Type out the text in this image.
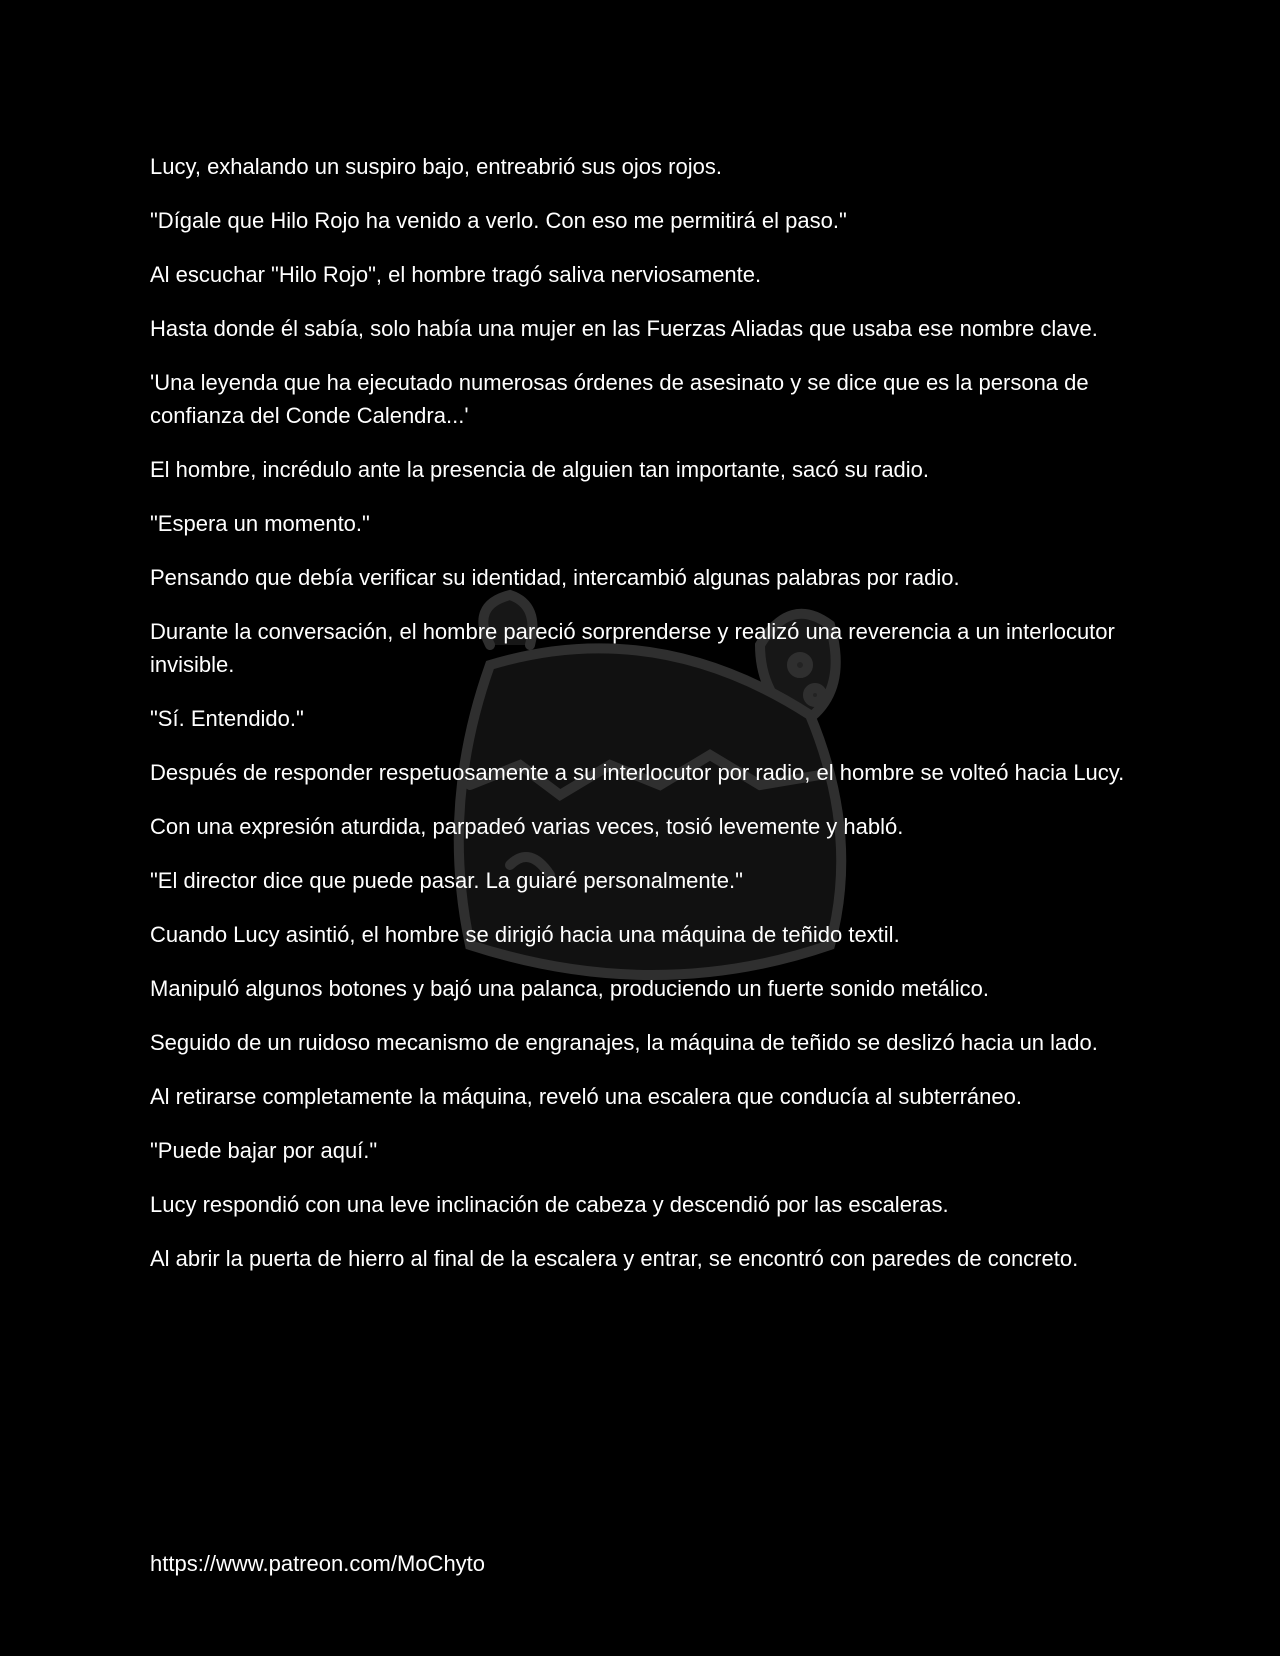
Lucy, exhalando un suspiro bajo, entreabrió sus ojos rojos.

"Dígale que Hilo Rojo ha venido a verlo. Con eso me permitirá el paso."

Al escuchar "Hilo Rojo", el hombre tragó saliva nerviosamente.

Hasta donde él sabía, solo había una mujer en las Fuerzas Aliadas que usaba ese nombre clave.

'Una leyenda que ha ejecutado numerosas órdenes de asesinato y se dice que es la persona de confianza del Conde Calendra...'

El hombre, incrédulo ante la presencia de alguien tan importante, sacó su radio.

"Espera un momento."

Pensando que debía verificar su identidad, intercambió algunas palabras por radio.

Durante la conversación, el hombre pareció sorprenderse y realizó una reverencia a un interlocutor invisible.

"Sí. Entendido."

Después de responder respetuosamente a su interlocutor por radio, el hombre se volteó hacia Lucy.

Con una expresión aturdida, parpadeó varias veces, tosió levemente y habló.

"El director dice que puede pasar. La guiaré personalmente."

Cuando Lucy asintió, el hombre se dirigió hacia una máquina de teñido textil.

Manipuló algunos botones y bajó una palanca, produciendo un fuerte sonido metálico.

Seguido de un ruidoso mecanismo de engranajes, la máquina de teñido se deslizó hacia un lado.

Al retirarse completamente la máquina, reveló una escalera que conducía al subterráneo.

"Puede bajar por aquí."

Lucy respondió con una leve inclinación de cabeza y descendió por las escaleras.

Al abrir la puerta de hierro al final de la escalera y entrar, se encontró con paredes de concreto.

https://www.patreon.com/MoChyto
